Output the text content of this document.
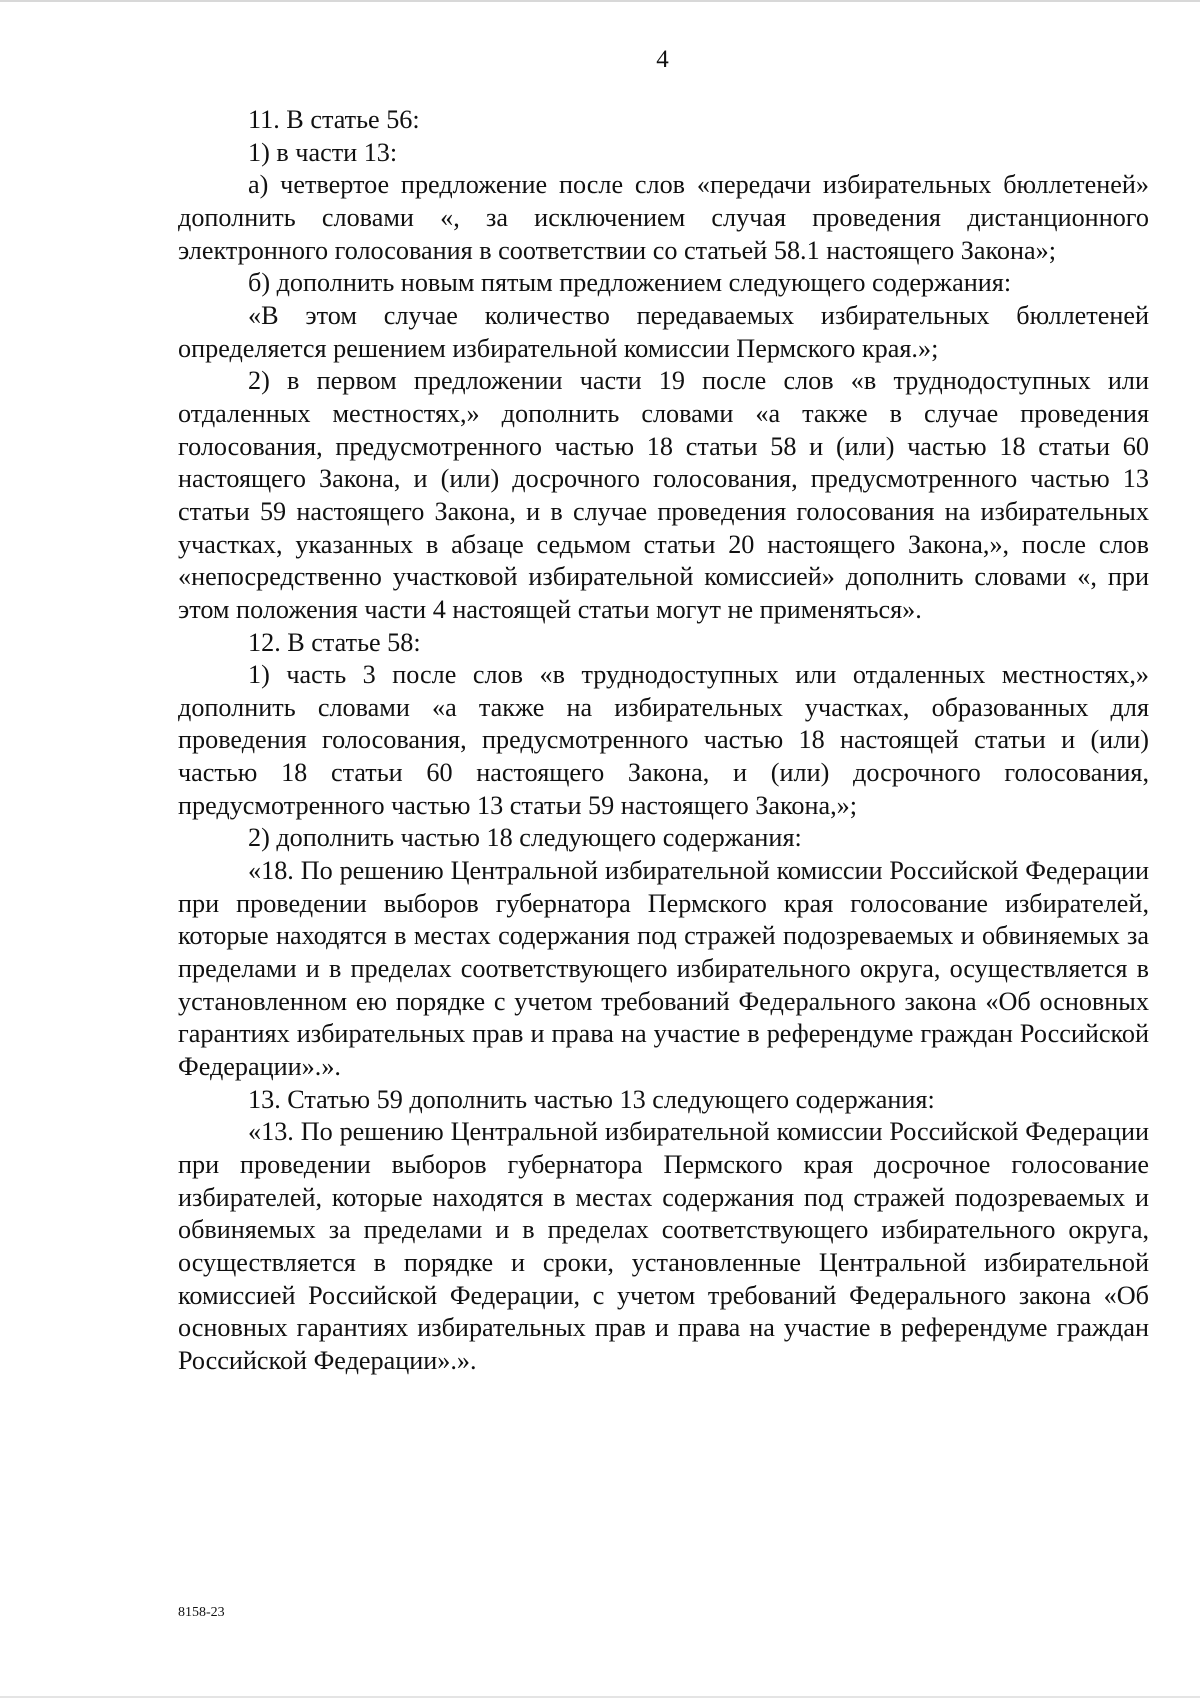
4

11. В статье 56:

1) в части 13:

а) четвертое предложение после слов «передачи избирательных бюллетеней» дополнить словами «, за исключением случая проведения дистанционного электронного голосования в соответствии со статьей 58.1 настоящего Закона»;

б) дополнить новым пятым предложением следующего содержания:

«В этом случае количество передаваемых избирательных бюллетеней определяется решением избирательной комиссии Пермского края.»;

2) в первом предложении части 19 после слов «в труднодоступных или отдаленных местностях,» дополнить словами «а также в случае проведения голосования, предусмотренного частью 18 статьи 58 и (или) частью 18 статьи 60 настоящего Закона, и (или) досрочного голосования, предусмотренного частью 13 статьи 59 настоящего Закона, и в случае проведения голосования на избирательных участках, указанных в абзаце седьмом статьи 20 настоящего Закона,», после слов «непосредственно участковой избирательной комиссией» дополнить словами «, при этом положения части 4 настоящей статьи могут не применяться».

12. В статье 58:

1) часть 3 после слов «в труднодоступных или отдаленных местностях,» дополнить словами «а также на избирательных участках, образованных для проведения голосования, предусмотренного частью 18 настоящей статьи и (или) частью 18 статьи 60 настоящего Закона, и (или) досрочного голосования, предусмотренного частью 13 статьи 59 настоящего Закона,»;

2) дополнить частью 18 следующего содержания:

«18. По решению Центральной избирательной комиссии Российской Федерации при проведении выборов губернатора Пермского края голосование избирателей, которые находятся в местах содержания под стражей подозреваемых и обвиняемых за пределами и в пределах соответствующего избирательного округа, осуществляется в установленном ею порядке с учетом требований Федерального закона «Об основных гарантиях избирательных прав и права на участие в референдуме граждан Российской Федерации».».

13. Статью 59 дополнить частью 13 следующего содержания:

«13. По решению Центральной избирательной комиссии Российской Федерации при проведении выборов губернатора Пермского края досрочное голосование избирателей, которые находятся в местах содержания под стражей подозреваемых и обвиняемых за пределами и в пределах соответствующего избирательного округа, осуществляется в порядке и сроки, установленные Центральной избирательной комиссией Российской Федерации, с учетом требований Федерального закона «Об основных гарантиях избирательных прав и права на участие в референдуме граждан Российской Федерации».».

8158-23
